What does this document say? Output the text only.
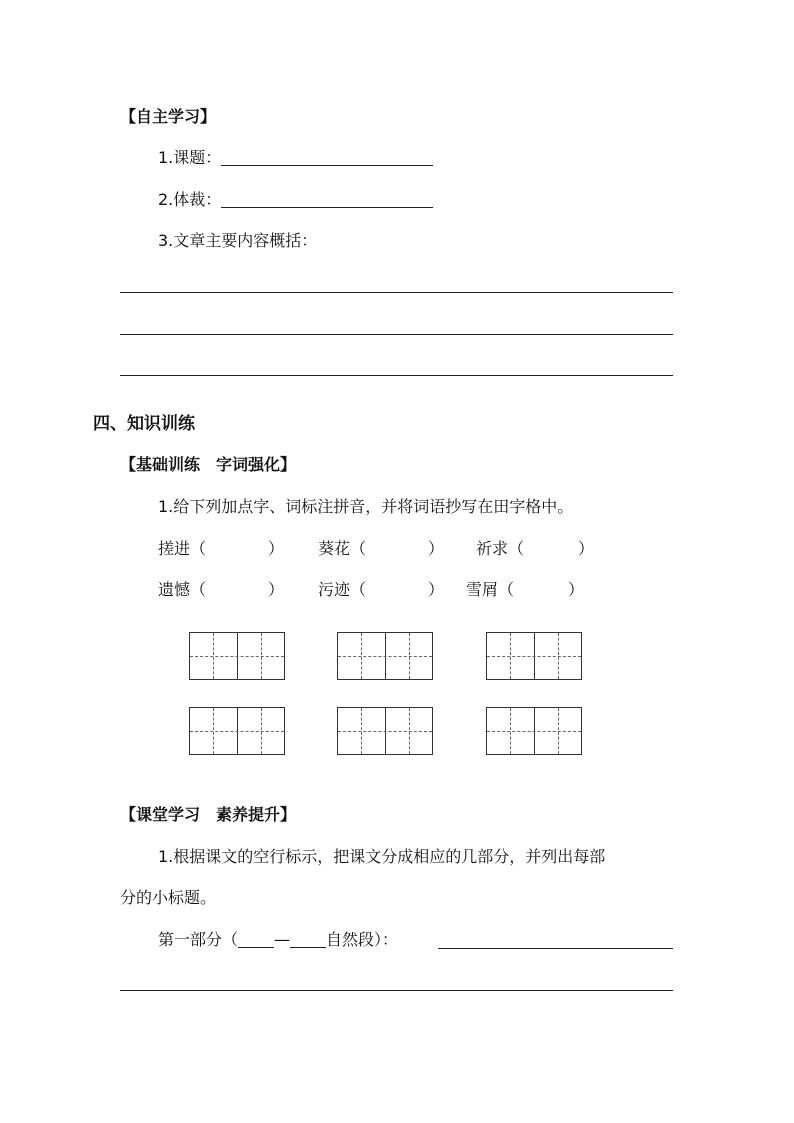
【自主学习】
1.课题：
2.体裁：
3.文章主要内容概括：
四、知识训练
【基础训练　字词强化】
1.给下列加点字、词标注拼音，并将词语抄写在田字格中。
搓进（	） 葵花（	） 祈求（	）
遗憾（	） 污迹（	） 雪屑（	）
【课堂学习　素养提升】
1.根据课文的空行标示，把课文分成相应的几部分，并列出每部
分的小标题。
第一部分（ — 自然段）：
